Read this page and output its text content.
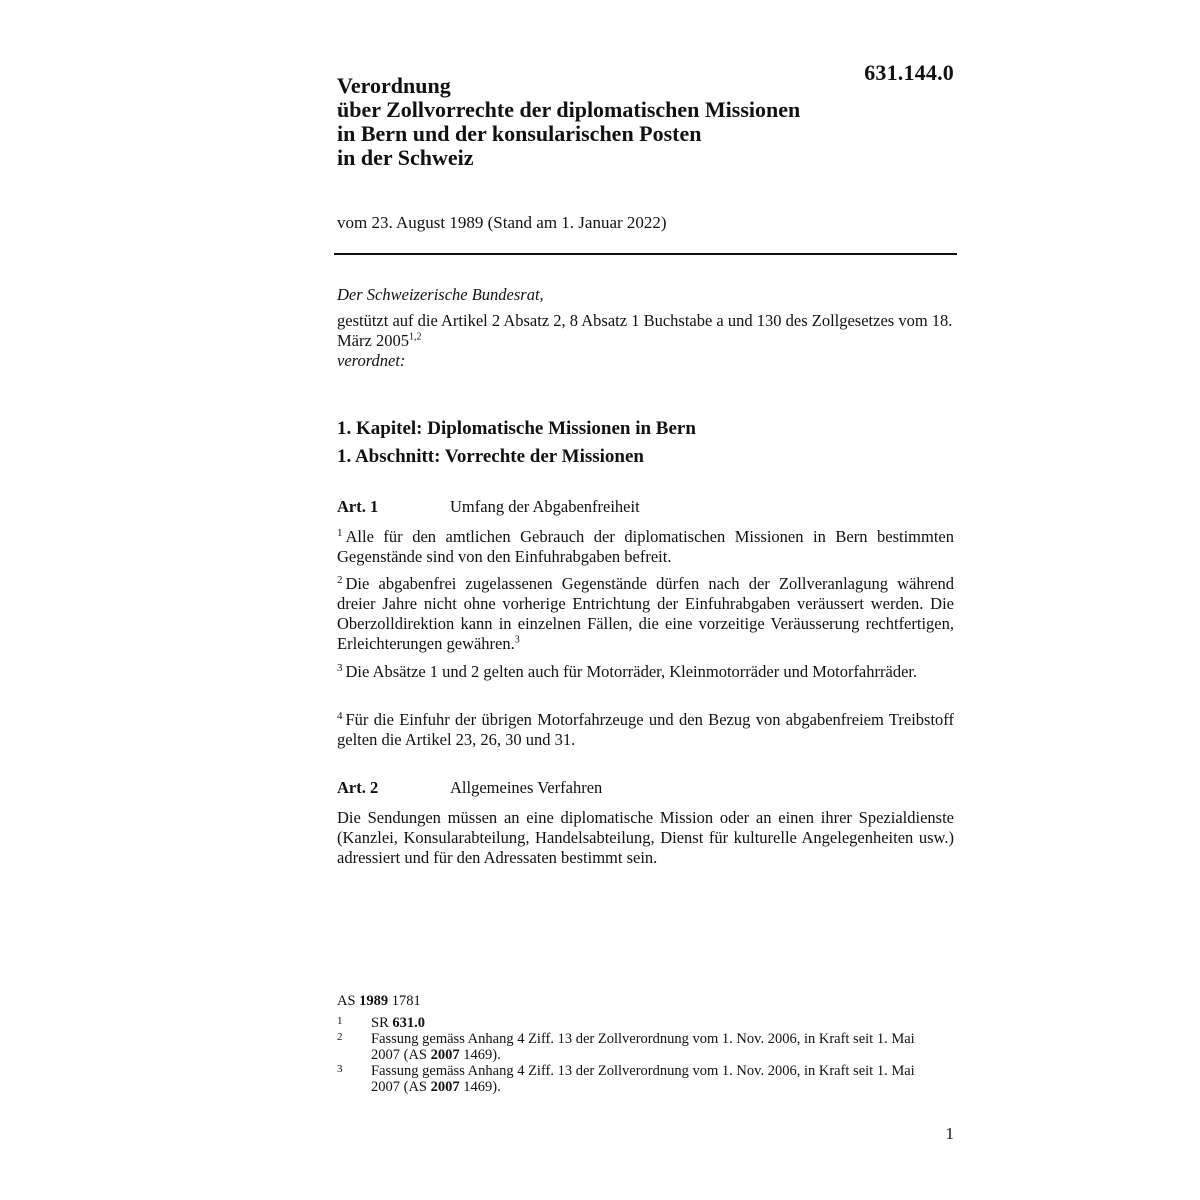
631.144.0
Verordnung
über Zollvorrechte der diplomatischen Missionen
in Bern und der konsularischen Posten
in der Schweiz
vom 23. August 1989 (Stand am 1. Januar 2022)
Der Schweizerische Bundesrat,
gestützt auf die Artikel 2 Absatz 2, 8 Absatz 1 Buchstabe a und 130 des Zollgesetzes vom 18. März 2005$^{1,2}$
verordnet:
1. Kapitel: Diplomatische Missionen in Bern
1. Abschnitt: Vorrechte der Missionen
Art. 1	Umfang der Abgabenfreiheit
$^1$ Alle für den amtlichen Gebrauch der diplomatischen Missionen in Bern bestimmten Gegenstände sind von den Einfuhrabgaben befreit.
$^2$ Die abgabenfrei zugelassenen Gegenstände dürfen nach der Zollveranlagung während dreier Jahre nicht ohne vorherige Entrichtung der Einfuhrabgaben veräussert werden. Die Oberzolldirektion kann in einzelnen Fällen, die eine vorzeitige Veräusserung rechtfertigen, Erleichterungen gewähren.$^3$
$^3$ Die Absätze 1 und 2 gelten auch für Motorräder, Kleinmotorräder und Motorfahrräder.
$^4$ Für die Einfuhr der übrigen Motorfahrzeuge und den Bezug von abgabenfreiem Treibstoff gelten die Artikel 23, 26, 30 und 31.
Art. 2	Allgemeines Verfahren
Die Sendungen müssen an eine diplomatische Mission oder an einen ihrer Spezialdienste (Kanzlei, Konsularabteilung, Handelsabteilung, Dienst für kulturelle Angelegenheiten usw.) adressiert und für den Adressaten bestimmt sein.
AS 1989 1781
1 SR 631.0
2 Fassung gemäss Anhang 4 Ziff. 13 der Zollverordnung vom 1. Nov. 2006, in Kraft seit 1. Mai 2007 (AS 2007 1469).
3 Fassung gemäss Anhang 4 Ziff. 13 der Zollverordnung vom 1. Nov. 2006, in Kraft seit 1. Mai 2007 (AS 2007 1469).
1
